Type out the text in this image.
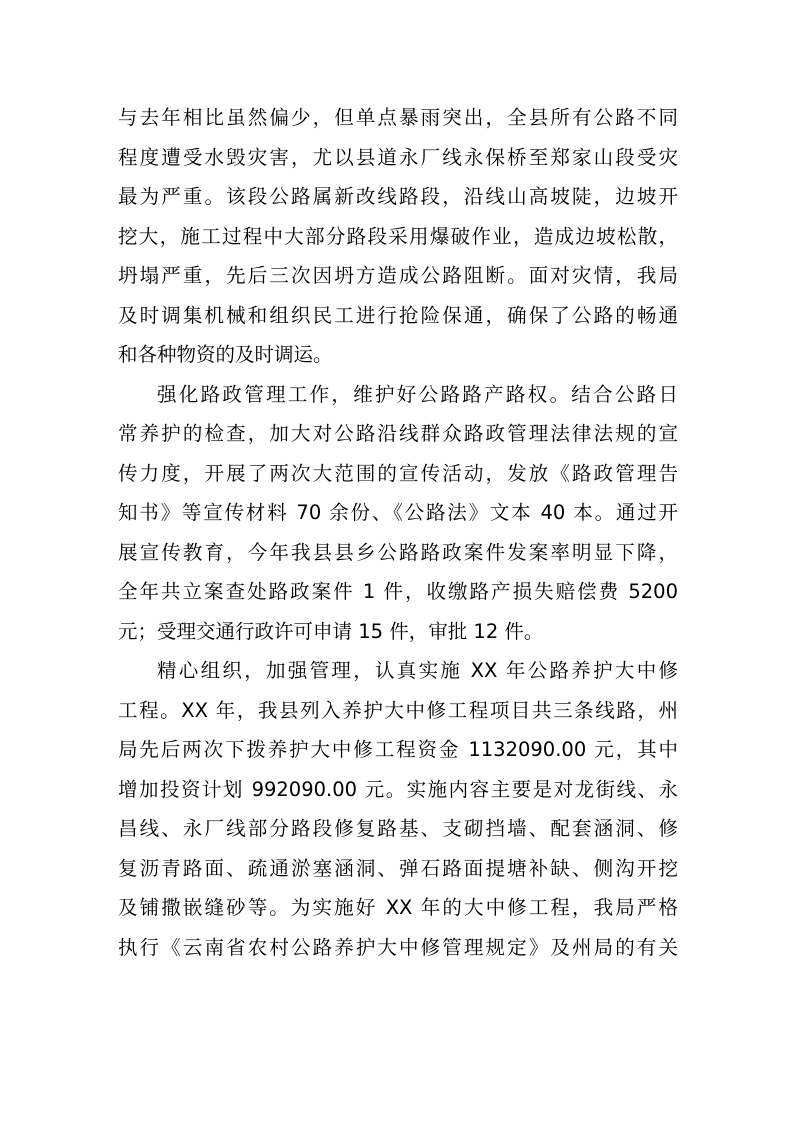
与去年相比虽然偏少，但单点暴雨突出，全县所有公路不同
程度遭受水毁灾害，尤以县道永厂线永保桥至郑家山段受灾
最为严重。该段公路属新改线路段，沿线山高坡陡，边坡开
挖大，施工过程中大部分路段采用爆破作业，造成边坡松散，
坍塌严重，先后三次因坍方造成公路阻断。面对灾情，我局
及时调集机械和组织民工进行抢险保通，确保了公路的畅通
和各种物资的及时调运。
强化路政管理工作，维护好公路路产路权。结合公路日
常养护的检查，加大对公路沿线群众路政管理法律法规的宣
传力度，开展了两次大范围的宣传活动，发放《路政管理告
知书》等宣传材料 70 余份、《公路法》文本 40 本。通过开
展宣传教育，今年我县县乡公路路政案件发案率明显下降，
全年共立案查处路政案件 1 件，收缴路产损失赔偿费 5200
元；受理交通行政许可申请 15 件，审批 12 件。
精心组织，加强管理，认真实施 XX 年公路养护大中修
工程。XX 年，我县列入养护大中修工程项目共三条线路，州
局先后两次下拨养护大中修工程资金 1132090.00 元，其中
增加投资计划 992090.00 元。实施内容主要是对龙街线、永
昌线、永厂线部分路段修复路基、支砌挡墙、配套涵洞、修
复沥青路面、疏通淤塞涵洞、弹石路面提塘补缺、侧沟开挖
及铺撒嵌缝砂等。为实施好 XX 年的大中修工程，我局严格
执行《云南省农村公路养护大中修管理规定》及州局的有关
